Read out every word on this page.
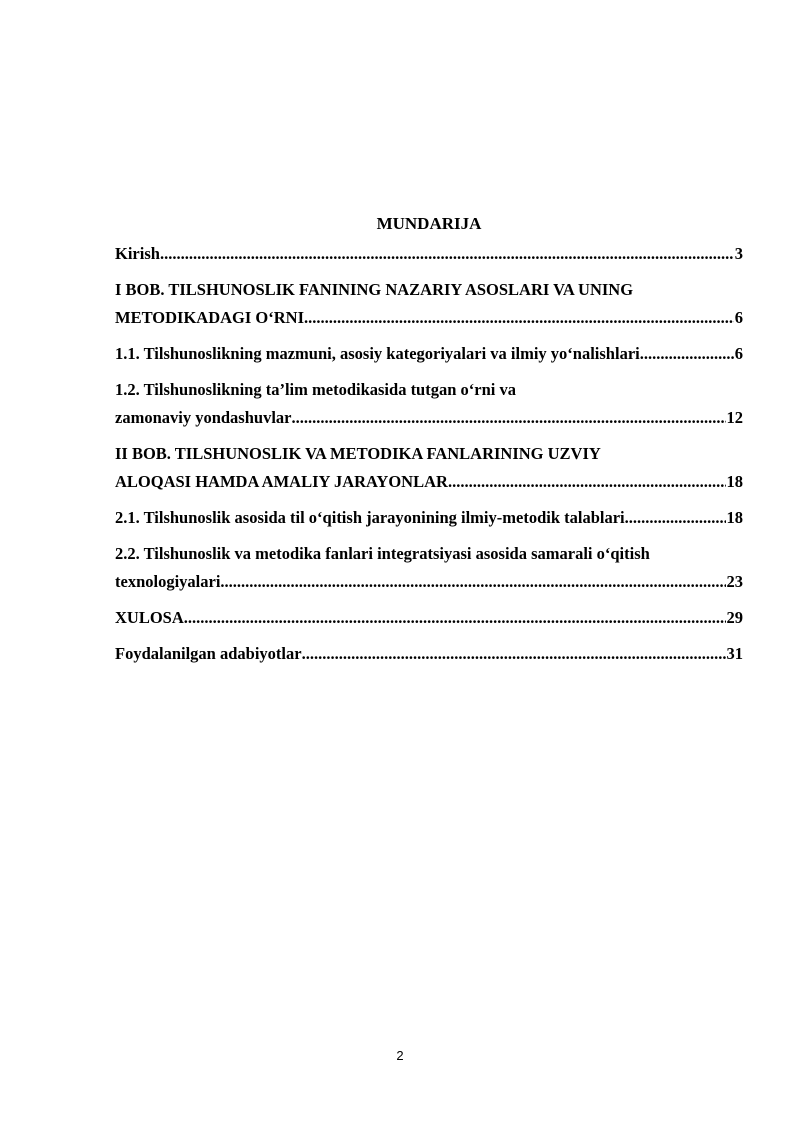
MUNDARIJA
Kirish .....	3
I BOB. TILSHUNOSLIK FANINING NAZARIY ASOSLARI VA UNING
METODIKADAGI O‘RNI .....	6
1.1. Tilshunoslikning mazmuni, asosiy kategoriyalari va ilmiy yo‘nalishlari .....	6
1.2. Tilshunoslikning ta’lim metodikasida tutgan o‘rni va
zamonaviy yondashuvlar .....	12
II BOB. TILSHUNOSLIK VA METODIKA FANLARINING UZVIY
ALOQASI HAMDA AMALIY JARAYONLAR .....	18
2.1. Tilshunoslik asosida til o‘qitish jarayonining ilmiy-metodik talablari .....	18
2.2. Tilshunoslik va metodika fanlari integratsiyasi asosida samarali o‘qitish
texnologiyalari .....	23
XULOSA .....	29
Foydalanilgan adabiyotlar .....	31
2
